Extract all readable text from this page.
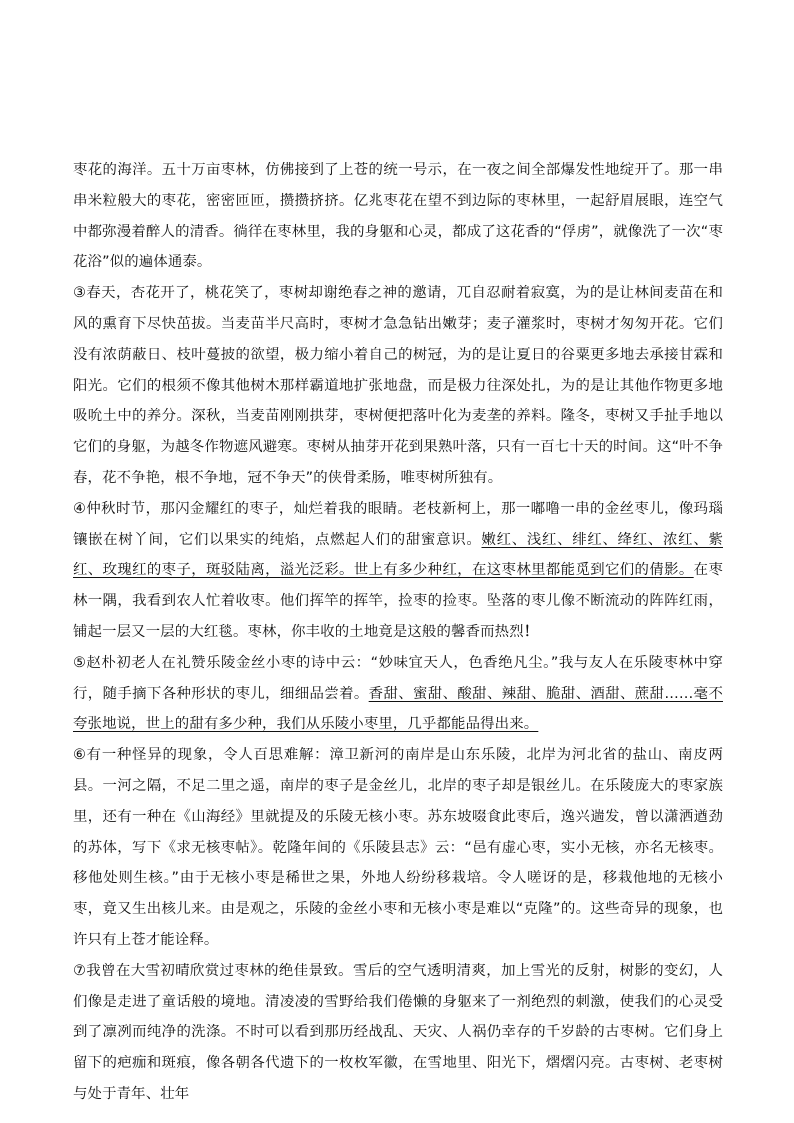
枣花的海洋。五十万亩枣林，仿佛接到了上苍的统一号示，在一夜之间全部爆发性地绽开了。那一串串米粒般大的枣花，密密匝匝，攒攒挤挤。亿兆枣花在望不到边际的枣林里，一起舒眉展眼，连空气中都弥漫着醉人的清香。徜徉在枣林里，我的身躯和心灵，都成了这花香的“俘虏”，就像洗了一次“枣花浴”似的遍体通泰。

③春天，杏花开了，桃花笑了，枣树却谢绝春之神的邀请，兀自忍耐着寂寞，为的是让林间麦苗在和风的熏育下尽快茁拔。当麦苗半尺高时，枣树才急急钻出嫩芽；麦子灌浆时，枣树才匆匆开花。它们没有浓荫蔽日、枝叶蔓披的欲望，极力缩小着自己的树冠，为的是让夏日的谷粟更多地去承接甘霖和阳光。它们的根须不像其他树木那样霸道地扩张地盘，而是极力往深处扎，为的是让其他作物更多地吸吮土中的养分。深秋，当麦苗刚刚拱芽，枣树便把落叶化为麦垄的养料。隆冬，枣树又手扯手地以它们的身躯，为越冬作物遮风避寒。枣树从抽芽开花到果熟叶落，只有一百七十天的时间。这“叶不争春，花不争艳，根不争地，冠不争天”的侠骨柔肠，唯枣树所独有。

④仲秋时节，那闪金耀红的枣子，灿烂着我的眼睛。老枝新柯上，那一嘟噜一串的金丝枣儿，像玛瑙镶嵌在树丫间，它们以果实的纯焰，点燃起人们的甜蜜意识。嫩红、浅红、绯红、绛红、浓红、紫红、玫瑰红的枣子，斑驳陆离，溢光泛彩。世上有多少种红，在这枣林里都能觅到它们的倩影。在枣林一隅，我看到农人忙着收枣。他们挥竿的挥竿，捡枣的捡枣。坠落的枣儿像不断流动的阵阵红雨，铺起一层又一层的大红毯。枣林，你丰收的土地竟是这般的馨香而热烈！

⑤赵朴初老人在礼赞乐陵金丝小枣的诗中云：“妙味宜天人，色香绝凡尘。”我与友人在乐陵枣林中穿行，随手摘下各种形状的枣儿，细细品尝着。香甜、蜜甜、酸甜、辣甜、脆甜、酒甜、蔗甜……毫不夸张地说，世上的甜有多少种，我们从乐陵小枣里，几乎都能品得出来。

⑥有一种怪异的现象，令人百思难解：漳卫新河的南岸是山东乐陵，北岸为河北省的盐山、南皮两县。一河之隔，不足二里之遥，南岸的枣子是金丝儿，北岸的枣子却是银丝儿。在乐陵庞大的枣家族里，还有一种在《山海经》里就提及的乐陵无核小枣。苏东坡啜食此枣后，逸兴遄发，曾以潇洒遒劲的苏体，写下《求无核枣帖》。乾隆年间的《乐陵县志》云：“邑有虚心枣，实小无核，亦名无核枣。移他处则生核。”由于无核小枣是稀世之果，外地人纷纷移栽培。令人嗟讶的是，移栽他地的无核小枣，竟又生出核儿来。由是观之，乐陵的金丝小枣和无核小枣是难以“克隆”的。这些奇异的现象，也许只有上苍才能诠释。

⑦我曾在大雪初晴欣赏过枣林的绝佳景致。雪后的空气透明清爽，加上雪光的反射，树影的变幻，人们像是走进了童话般的境地。清凌凌的雪野给我们倦懒的身躯来了一剂绝烈的刺激，使我们的心灵受到了凛冽而纯净的洗涤。不时可以看到那历经战乱、天灾、人祸仍幸存的千岁龄的古枣树。它们身上留下的疤痂和斑痕，像各朝各代遗下的一枚枚军徽，在雪地里、阳光下，熠熠闪亮。古枣树、老枣树与处于青年、壮年
